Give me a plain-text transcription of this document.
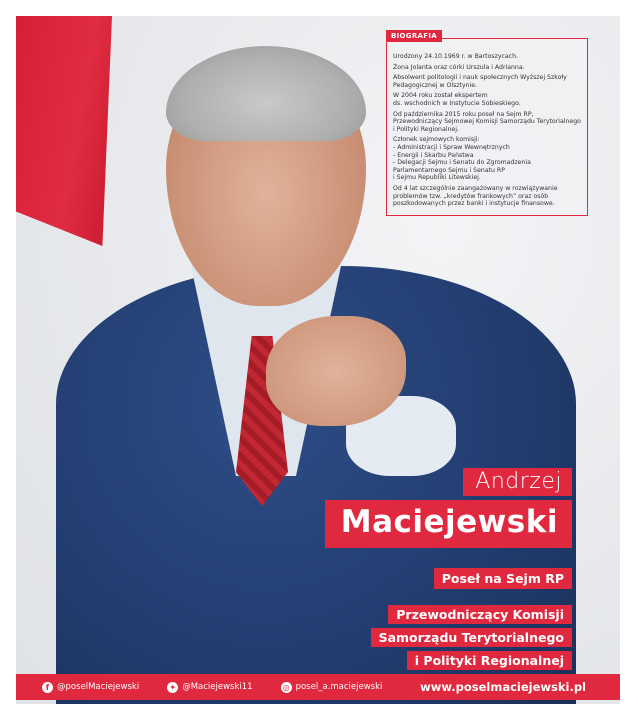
BIOGRAFIA

Urodzony 24.10.1969 r. w Bartoszycach.

Żona Jolanta oraz córki Urszula i Adrianna.

Absolwent politologii i nauk społecznych Wyższej Szkoły Pedagogicznej w Olsztynie.

W 2004 roku został ekspertem
ds. wschodnich w Instytucie Sobieskiego.

Od października 2015 roku poseł na Sejm RP, Przewodniczący Sejmowej Komisji Samorządu Terytorialnego i Polityki Regionalnej.

Członek sejmowych komisji:
- Administracji i Spraw Wewnętrznych
- Energii i Skarbu Państwa
- Delegacji Sejmu i Senatu do Zgromadzenia
Parlamentarnego Sejmu i Senatu RP
i Sejmu Republiki Litewskiej.

Od 4 lat szczególnie zaangażowany w rozwiązywanie problemów tzw. „kredytów frankowych” oraz osób poszkodowanych przez banki i instytucje finansowe.

Andrzej
Maciejewski
Poseł na Sejm RP
Przewodniczący Komisji
Samorządu Terytorialnego
i Polityki Regionalnej
f @poselMaciejewski	✦ @Maciejewski11	◎ posel_a.maciejewski	www.poselmaciejewski.pl
